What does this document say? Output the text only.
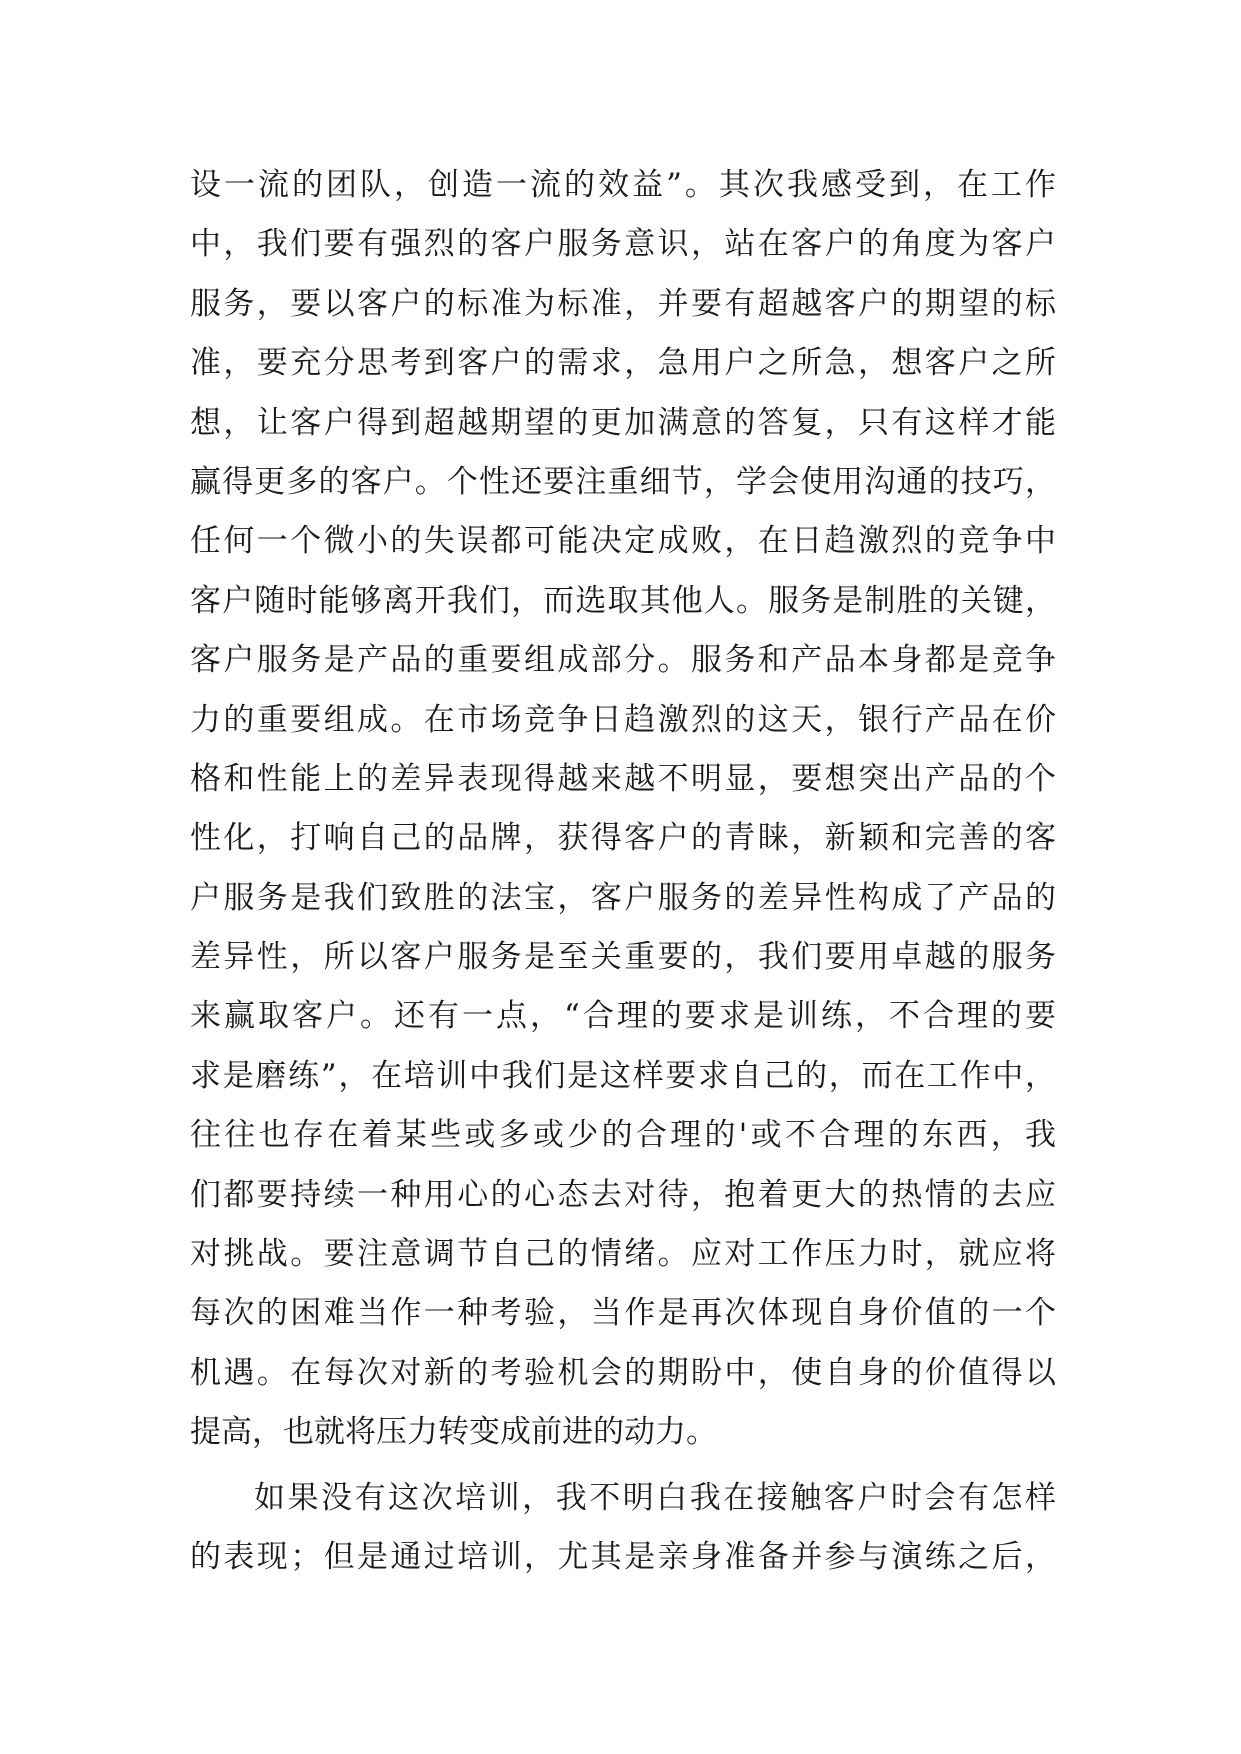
设一流的团队，创造一流的效益”。其次我感受到，在工作
中，我们要有强烈的客户服务意识，站在客户的角度为客户
服务，要以客户的标准为标准，并要有超越客户的期望的标
准，要充分思考到客户的需求，急用户之所急，想客户之所
想，让客户得到超越期望的更加满意的答复，只有这样才能
赢得更多的客户。个性还要注重细节，学会使用沟通的技巧，
任何一个微小的失误都可能决定成败，在日趋激烈的竞争中
客户随时能够离开我们，而选取其他人。服务是制胜的关键，
客户服务是产品的重要组成部分。服务和产品本身都是竞争
力的重要组成。在市场竞争日趋激烈的这天，银行产品在价
格和性能上的差异表现得越来越不明显，要想突出产品的个
性化，打响自己的品牌，获得客户的青睐，新颖和完善的客
户服务是我们致胜的法宝，客户服务的差异性构成了产品的
差异性，所以客户服务是至关重要的，我们要用卓越的服务
来赢取客户。还有一点，“合理的要求是训练，不合理的要
求是磨练”，在培训中我们是这样要求自己的，而在工作中，
往往也存在着某些或多或少的合理的'或不合理的东西，我
们都要持续一种用心的心态去对待，抱着更大的热情的去应
对挑战。要注意调节自己的情绪。应对工作压力时，就应将
每次的困难当作一种考验，当作是再次体现自身价值的一个
机遇。在每次对新的考验机会的期盼中，使自身的价值得以
提高，也就将压力转变成前进的动力。
如果没有这次培训，我不明白我在接触客户时会有怎样
的表现；但是通过培训，尤其是亲身准备并参与演练之后，
